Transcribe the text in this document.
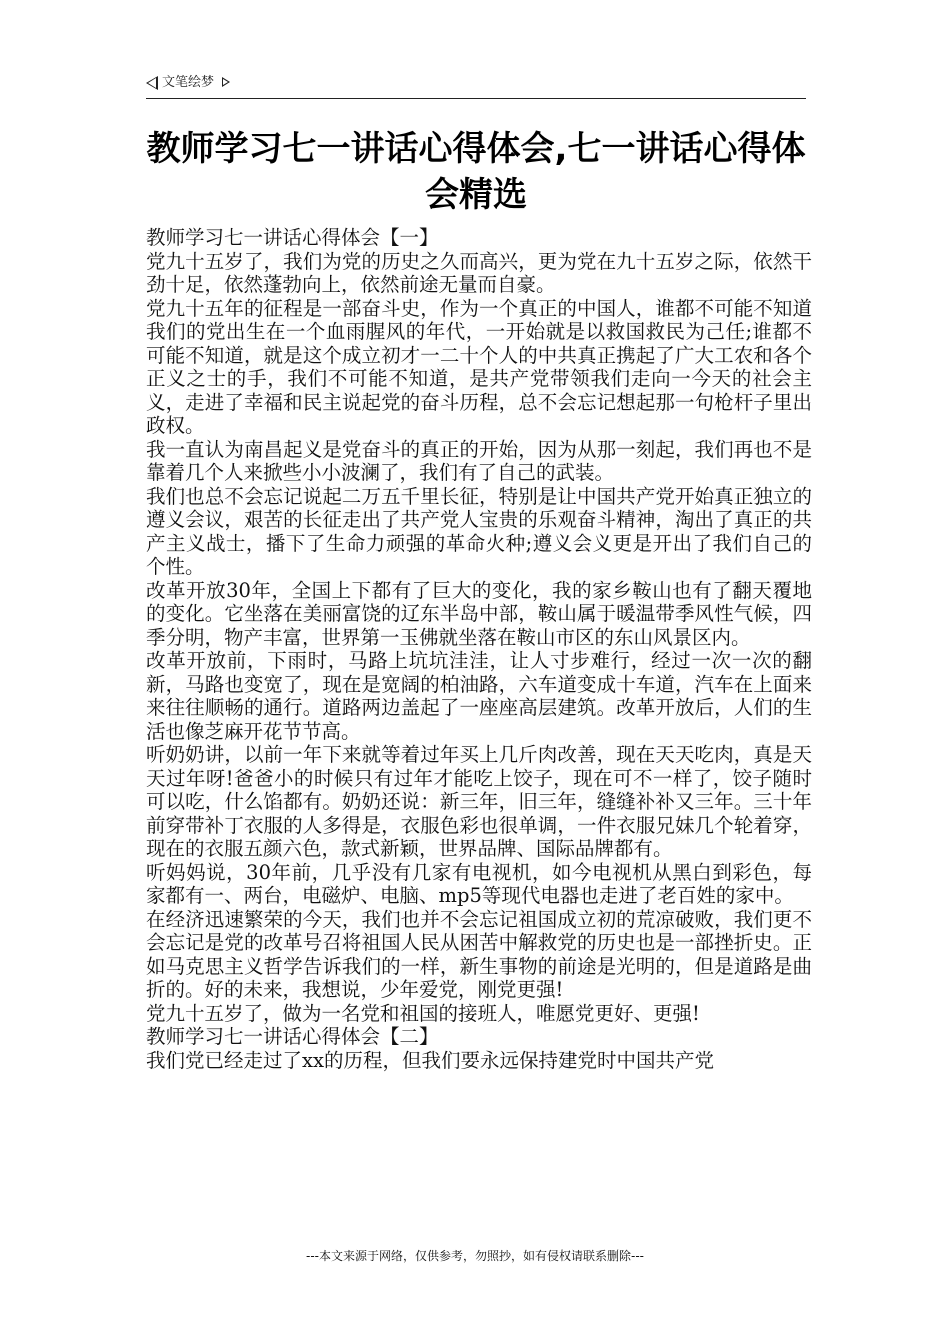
文笔绘梦
教师学习七一讲话心得体会,七一讲话心得体会精选

教师学习七一讲话心得体会【一】

党九十五岁了，我们为党的历史之久而高兴，更为党在九十五岁之际，依然干劲十足，依然蓬勃向上，依然前途无量而自豪。

党九十五年的征程是一部奋斗史，作为一个真正的中国人，谁都不可能不知道我们的党出生在一个血雨腥风的年代，一开始就是以救国救民为己任;谁都不可能不知道，就是这个成立初才一二十个人的中共真正携起了广大工农和各个正义之士的手，我们不可能不知道，是共产党带领我们走向一今天的社会主义，走进了幸福和民主说起党的奋斗历程，总不会忘记想起那一句枪杆子里出政权。

我一直认为南昌起义是党奋斗的真正的开始，因为从那一刻起，我们再也不是靠着几个人来掀些小小波澜了，我们有了自己的武装。

我们也总不会忘记说起二万五千里长征，特别是让中国共产党开始真正独立的遵义会议，艰苦的长征走出了共产党人宝贵的乐观奋斗精神，淘出了真正的共产主义战士，播下了生命力顽强的革命火种;遵义会义更是开出了我们自己的个性。

改革开放30年，全国上下都有了巨大的变化，我的家乡鞍山也有了翻天覆地的变化。它坐落在美丽富饶的辽东半岛中部，鞍山属于暖温带季风性气候，四季分明，物产丰富，世界第一玉佛就坐落在鞍山市区的东山风景区内。

改革开放前，下雨时，马路上坑坑洼洼，让人寸步难行，经过一次一次的翻新，马路也变宽了，现在是宽阔的柏油路，六车道变成十车道，汽车在上面来来往往顺畅的通行。道路两边盖起了一座座高层建筑。改革开放后，人们的生活也像芝麻开花节节高。

听奶奶讲，以前一年下来就等着过年买上几斤肉改善，现在天天吃肉，真是天天过年呀!爸爸小的时候只有过年才能吃上饺子，现在可不一样了，饺子随时可以吃，什么馅都有。奶奶还说：新三年，旧三年，缝缝补补又三年。三十年前穿带补丁衣服的人多得是，衣服色彩也很单调，一件衣服兄妹几个轮着穿，现在的衣服五颜六色，款式新颖，世界品牌、国际品牌都有。

听妈妈说，30年前，几乎没有几家有电视机，如今电视机从黑白到彩色，每家都有一、两台，电磁炉、电脑、mp5等现代电器也走进了老百姓的家中。

在经济迅速繁荣的今天，我们也并不会忘记祖国成立初的荒凉破败，我们更不会忘记是党的改革号召将祖国人民从困苦中解救党的历史也是一部挫折史。正如马克思主义哲学告诉我们的一样，新生事物的前途是光明的，但是道路是曲折的。好的未来，我想说，少年爱党，刚党更强!

党九十五岁了，做为一名党和祖国的接班人，唯愿党更好、更强!

教师学习七一讲话心得体会【二】

我们党已经走过了xx的历程，但我们要永远保持建党时中国共产党

---本文来源于网络，仅供参考，勿照抄，如有侵权请联系删除---
